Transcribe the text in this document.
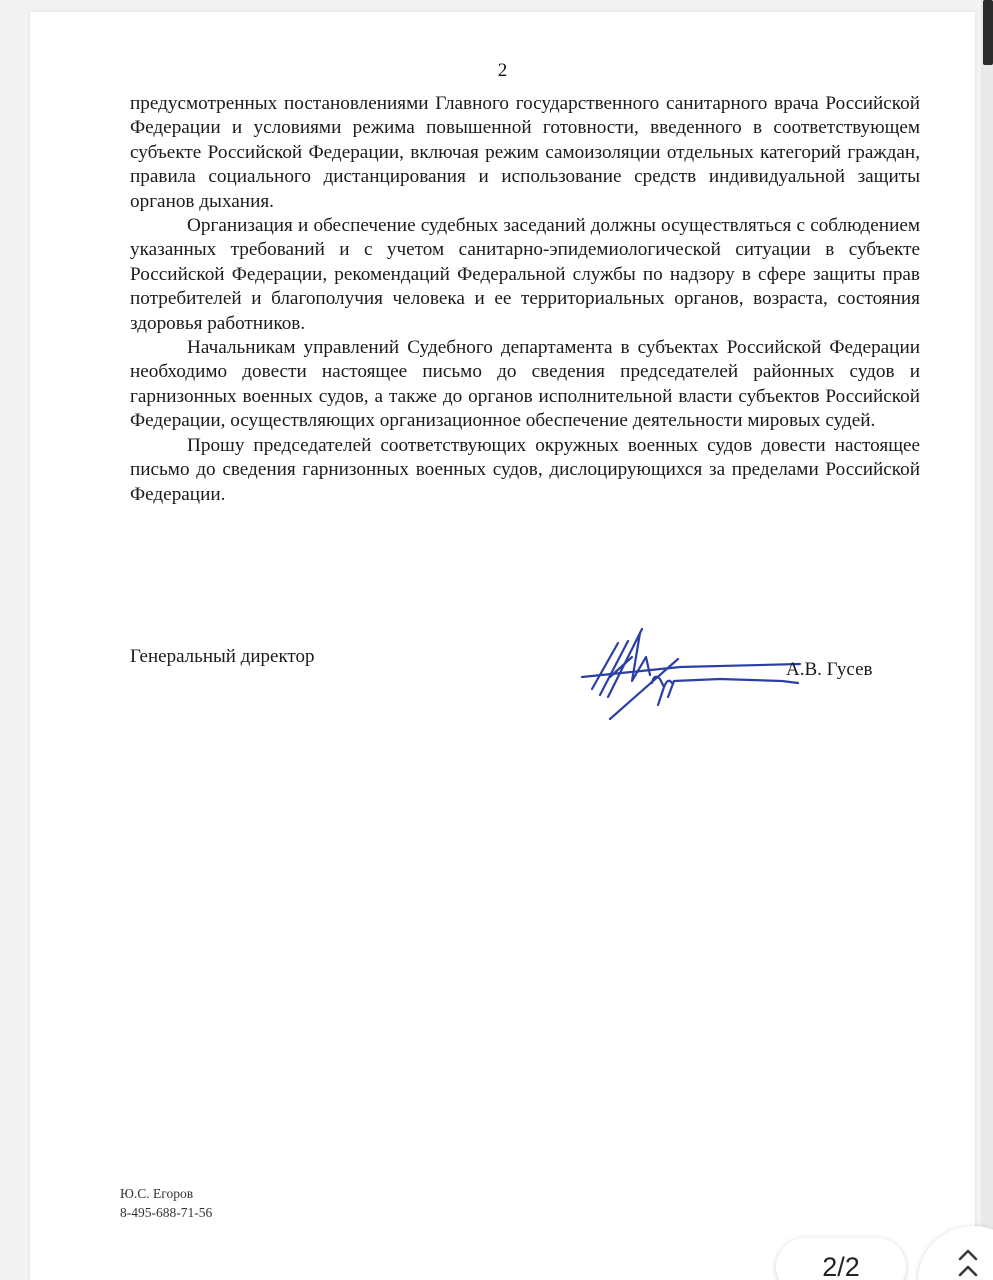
2

предусмотренных постановлениями Главного государственного санитарного врача Российской Федерации и условиями режима повышенной готовности, введенного в соответствующем субъекте Российской Федерации, включая режим самоизоляции отдельных категорий граждан, правила социального дистанцирования и использование средств индивидуальной защиты органов дыхания.

Организация и обеспечение судебных заседаний должны осуществляться с соблюдением указанных требований и с учетом санитарно-эпидемиологической ситуации в субъекте Российской Федерации, рекомендаций Федеральной службы по надзору в сфере защиты прав потребителей и благополучия человека и ее территориальных органов, возраста, состояния здоровья работников.

Начальникам управлений Судебного департамента в субъектах Российской Федерации необходимо довести настоящее письмо до сведения председателей районных судов и гарнизонных военных судов, а также до органов исполнительной власти субъектов Российской Федерации, осуществляющих организационное обеспечение деятельности мировых судей.

Прошу председателей соответствующих окружных военных судов довести настоящее письмо до сведения гарнизонных военных судов, дислоцирующихся за пределами Российской Федерации.

Генеральный директор
А.В. Гусев
Ю.С. Егоров
8-495-688-71-56
2/2
